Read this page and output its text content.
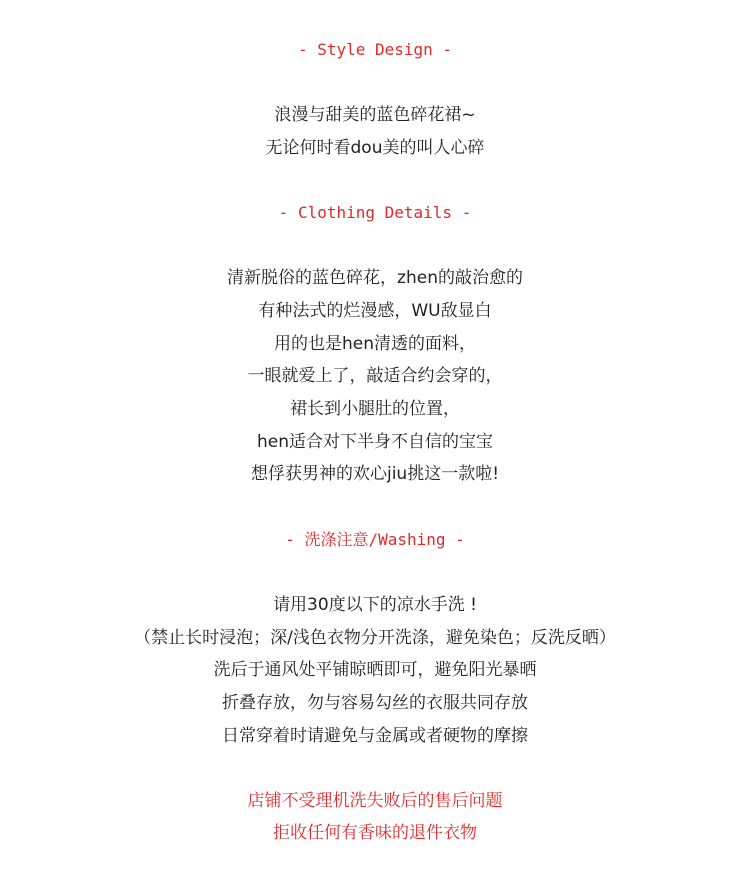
- Style Design -
浪漫与甜美的蓝色碎花裙~
无论何时看dou美的叫人心碎
- Clothing Details -
清新脱俗的蓝色碎花，zhen的敲治愈的
有种法式的烂漫感，WU敌显白
用的也是hen清透的面料，
一眼就爱上了，敲适合约会穿的，
裙长到小腿肚的位置，
hen适合对下半身不自信的宝宝
想俘获男神的欢心jiu挑这一款啦!
- 洗涤注意/Washing -
请用30度以下的凉水手洗 !
（禁止长时浸泡；深/浅色衣物分开洗涤，避免染色；反洗反晒）
洗后于通风处平铺晾晒即可，避免阳光暴晒
折叠存放，勿与容易勾丝的衣服共同存放
日常穿着时请避免与金属或者硬物的摩擦
店铺不受理机洗失败后的售后问题
拒收任何有香味的退件衣物
